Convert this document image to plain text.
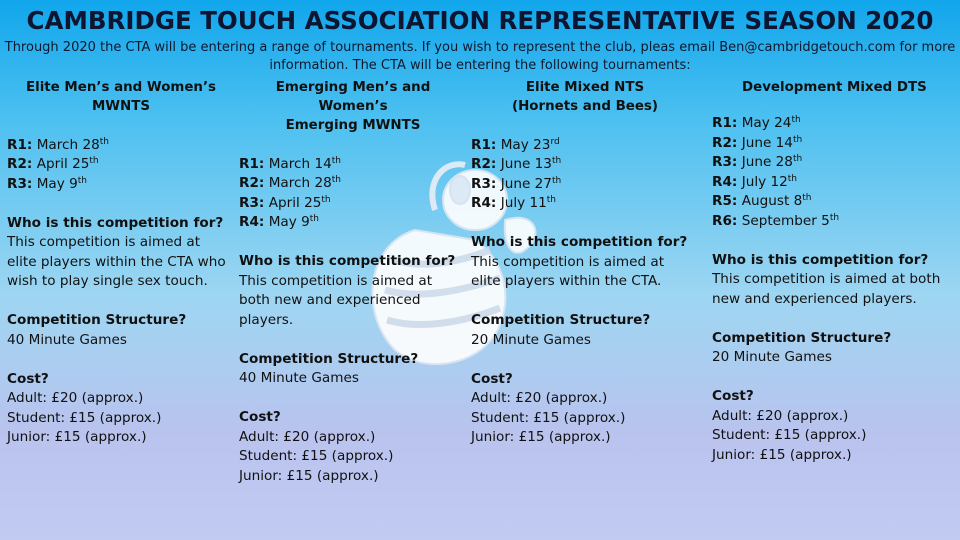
CAMBRIDGE TOUCH ASSOCIATION REPRESENTATIVE SEASON 2020
Through 2020 the CTA will be entering a range of tournaments. If you wish to represent the club, pleas email Ben@cambridgetouch.com for more
information. The CTA will be entering the following tournaments:
Elite Men’s and Women’s
MWNTS
R1: March 28th
R2: April 25th
R3: May 9th
Who is this competition for?
This competition is aimed at
elite players within the CTA who
wish to play single sex touch.
Competition Structure?
40 Minute Games
Cost?
Adult: £20 (approx.)
Student: £15 (approx.)
Junior: £15 (approx.)
Emerging Men’s and Women’s
Emerging MWNTS
R1: March 14th
R2: March 28th
R3: April 25th
R4: May 9th
Who is this competition for?
This competition is aimed at
both new and experienced
players.
Competition Structure?
40 Minute Games
Cost?
Adult: £20 (approx.)
Student: £15 (approx.)
Junior: £15 (approx.)
Elite Mixed NTS
(Hornets and Bees)
R1: May 23rd
R2: June 13th
R3: June 27th
R4: July 11th
Who is this competition for?
This competition is aimed at
elite players within the CTA.
Competition Structure?
20 Minute Games
Cost?
Adult: £20 (approx.)
Student: £15 (approx.)
Junior: £15 (approx.)
Development Mixed DTS
R1: May 24th
R2: June 14th
R3: June 28th
R4: July 12th
R5: August 8th
R6: September 5th
Who is this competition for?
This competition is aimed at both
new and experienced players.
Competition Structure?
20 Minute Games
Cost?
Adult: £20 (approx.)
Student: £15 (approx.)
Junior: £15 (approx.)
